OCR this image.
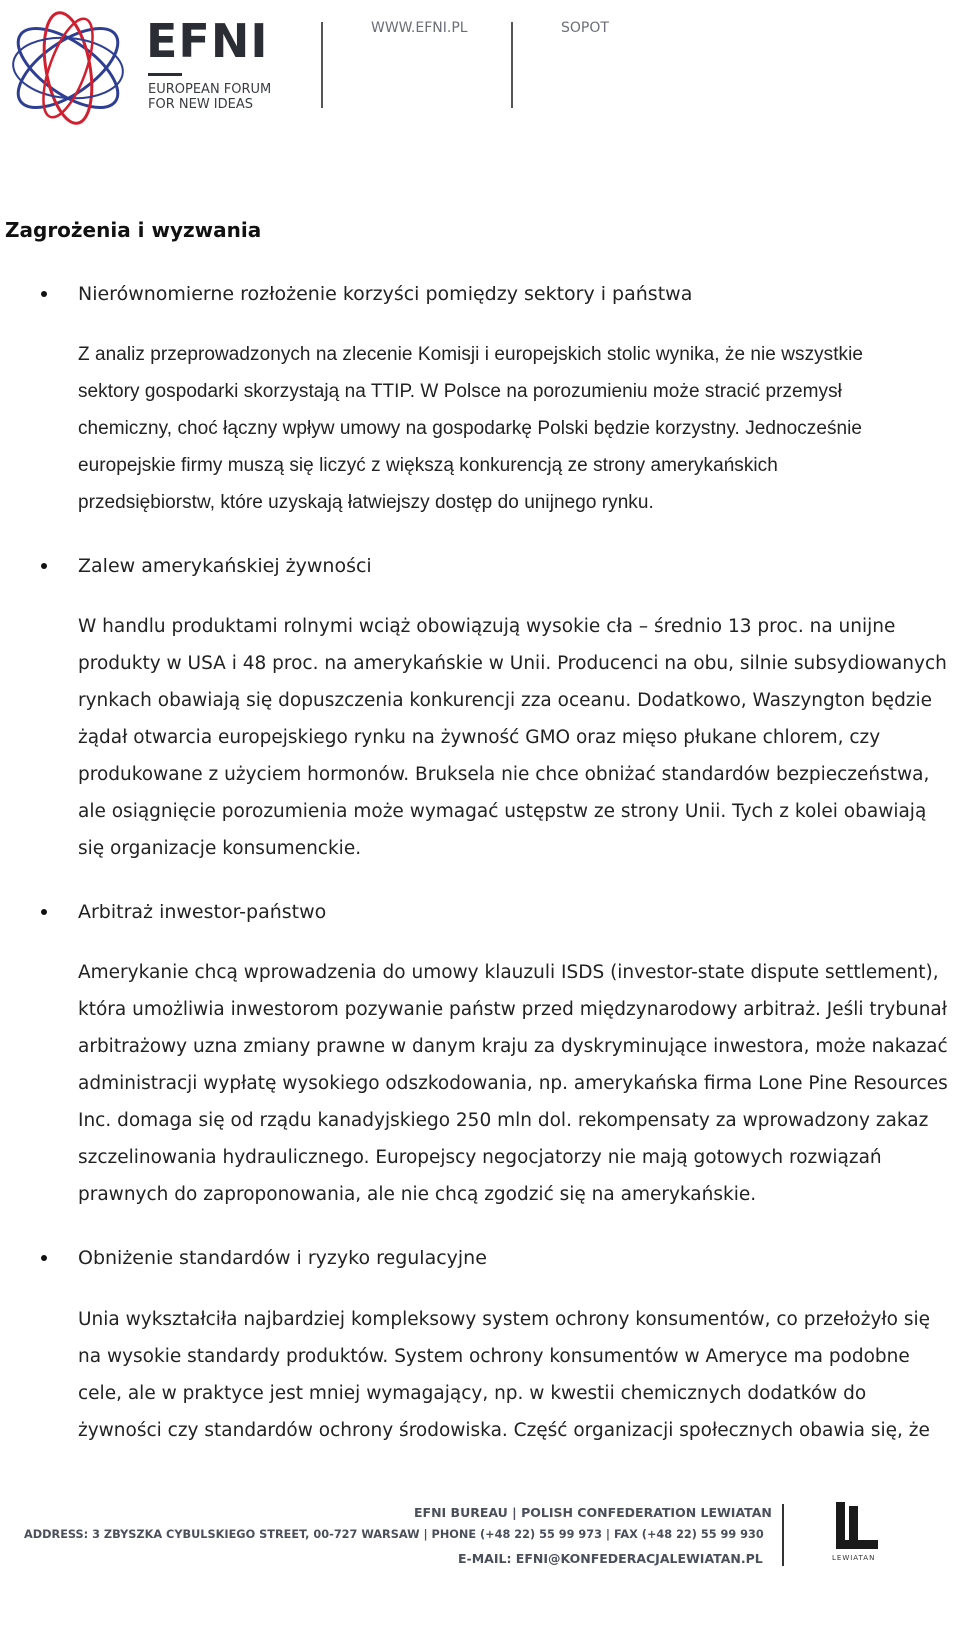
EFNI

EUROPEAN FORUM
FOR NEW IDEAS

WWW.EFNI.PL	SOPOT
Zagrożenia i wyzwania

Nierównomierne rozłożenie korzyści pomiędzy sektory i państwa

Z analiz przeprowadzonych na zlecenie Komisji i europejskich stolic wynika, że nie wszystkie
sektory gospodarki skorzystają na TTIP. W Polsce na porozumieniu może stracić przemysł
chemiczny, choć łączny wpływ umowy na gospodarkę Polski będzie korzystny. Jednocześnie
europejskie firmy muszą się liczyć z większą konkurencją ze strony amerykańskich
przedsiębiorstw, które uzyskają łatwiejszy dostęp do unijnego rynku.

Zalew amerykańskiej żywności

W handlu produktami rolnymi wciąż obowiązują wysokie cła – średnio 13 proc. na unijne
produkty w USA i 48 proc. na amerykańskie w Unii. Producenci na obu, silnie subsydiowanych
rynkach obawiają się dopuszczenia konkurencji zza oceanu. Dodatkowo, Waszyngton będzie
żądał otwarcia europejskiego rynku na żywność GMO oraz mięso płukane chlorem, czy
produkowane z użyciem hormonów. Bruksela nie chce obniżać standardów bezpieczeństwa,
ale osiągnięcie porozumienia może wymagać ustępstw ze strony Unii. Tych z kolei obawiają
się organizacje konsumenckie.

Arbitraż inwestor-państwo

Amerykanie chcą wprowadzenia do umowy klauzuli ISDS (investor-state dispute settlement),
która umożliwia inwestorom pozywanie państw przed międzynarodowy arbitraż. Jeśli trybunał
arbitrażowy uzna zmiany prawne w danym kraju za dyskryminujące inwestora, może nakazać
administracji wypłatę wysokiego odszkodowania, np. amerykańska firma Lone Pine Resources
Inc. domaga się od rządu kanadyjskiego 250 mln dol. rekompensaty za wprowadzony zakaz
szczelinowania hydraulicznego. Europejscy negocjatorzy nie mają gotowych rozwiązań
prawnych do zaproponowania, ale nie chcą zgodzić się na amerykańskie.

Obniżenie standardów i ryzyko regulacyjne

Unia wykształciła najbardziej kompleksowy system ochrony konsumentów, co przełożyło się
na wysokie standardy produktów. System ochrony konsumentów w Ameryce ma podobne
cele, ale w praktyce jest mniej wymagający, np. w kwestii chemicznych dodatków do
żywności czy standardów ochrony środowiska. Część organizacji społecznych obawia się, że

EFNI BUREAU | POLISH CONFEDERATION LEWIATAN

ADDRESS: 3 ZBYSZKA CYBULSKIEGO STREET, 00-727 WARSAW | PHONE (+48 22) 55 99 973 | FAX (+48 22) 55 99 930

E-MAIL: EFNI@KONFEDERACJALEWIATAN.PL	LEWIATAN
